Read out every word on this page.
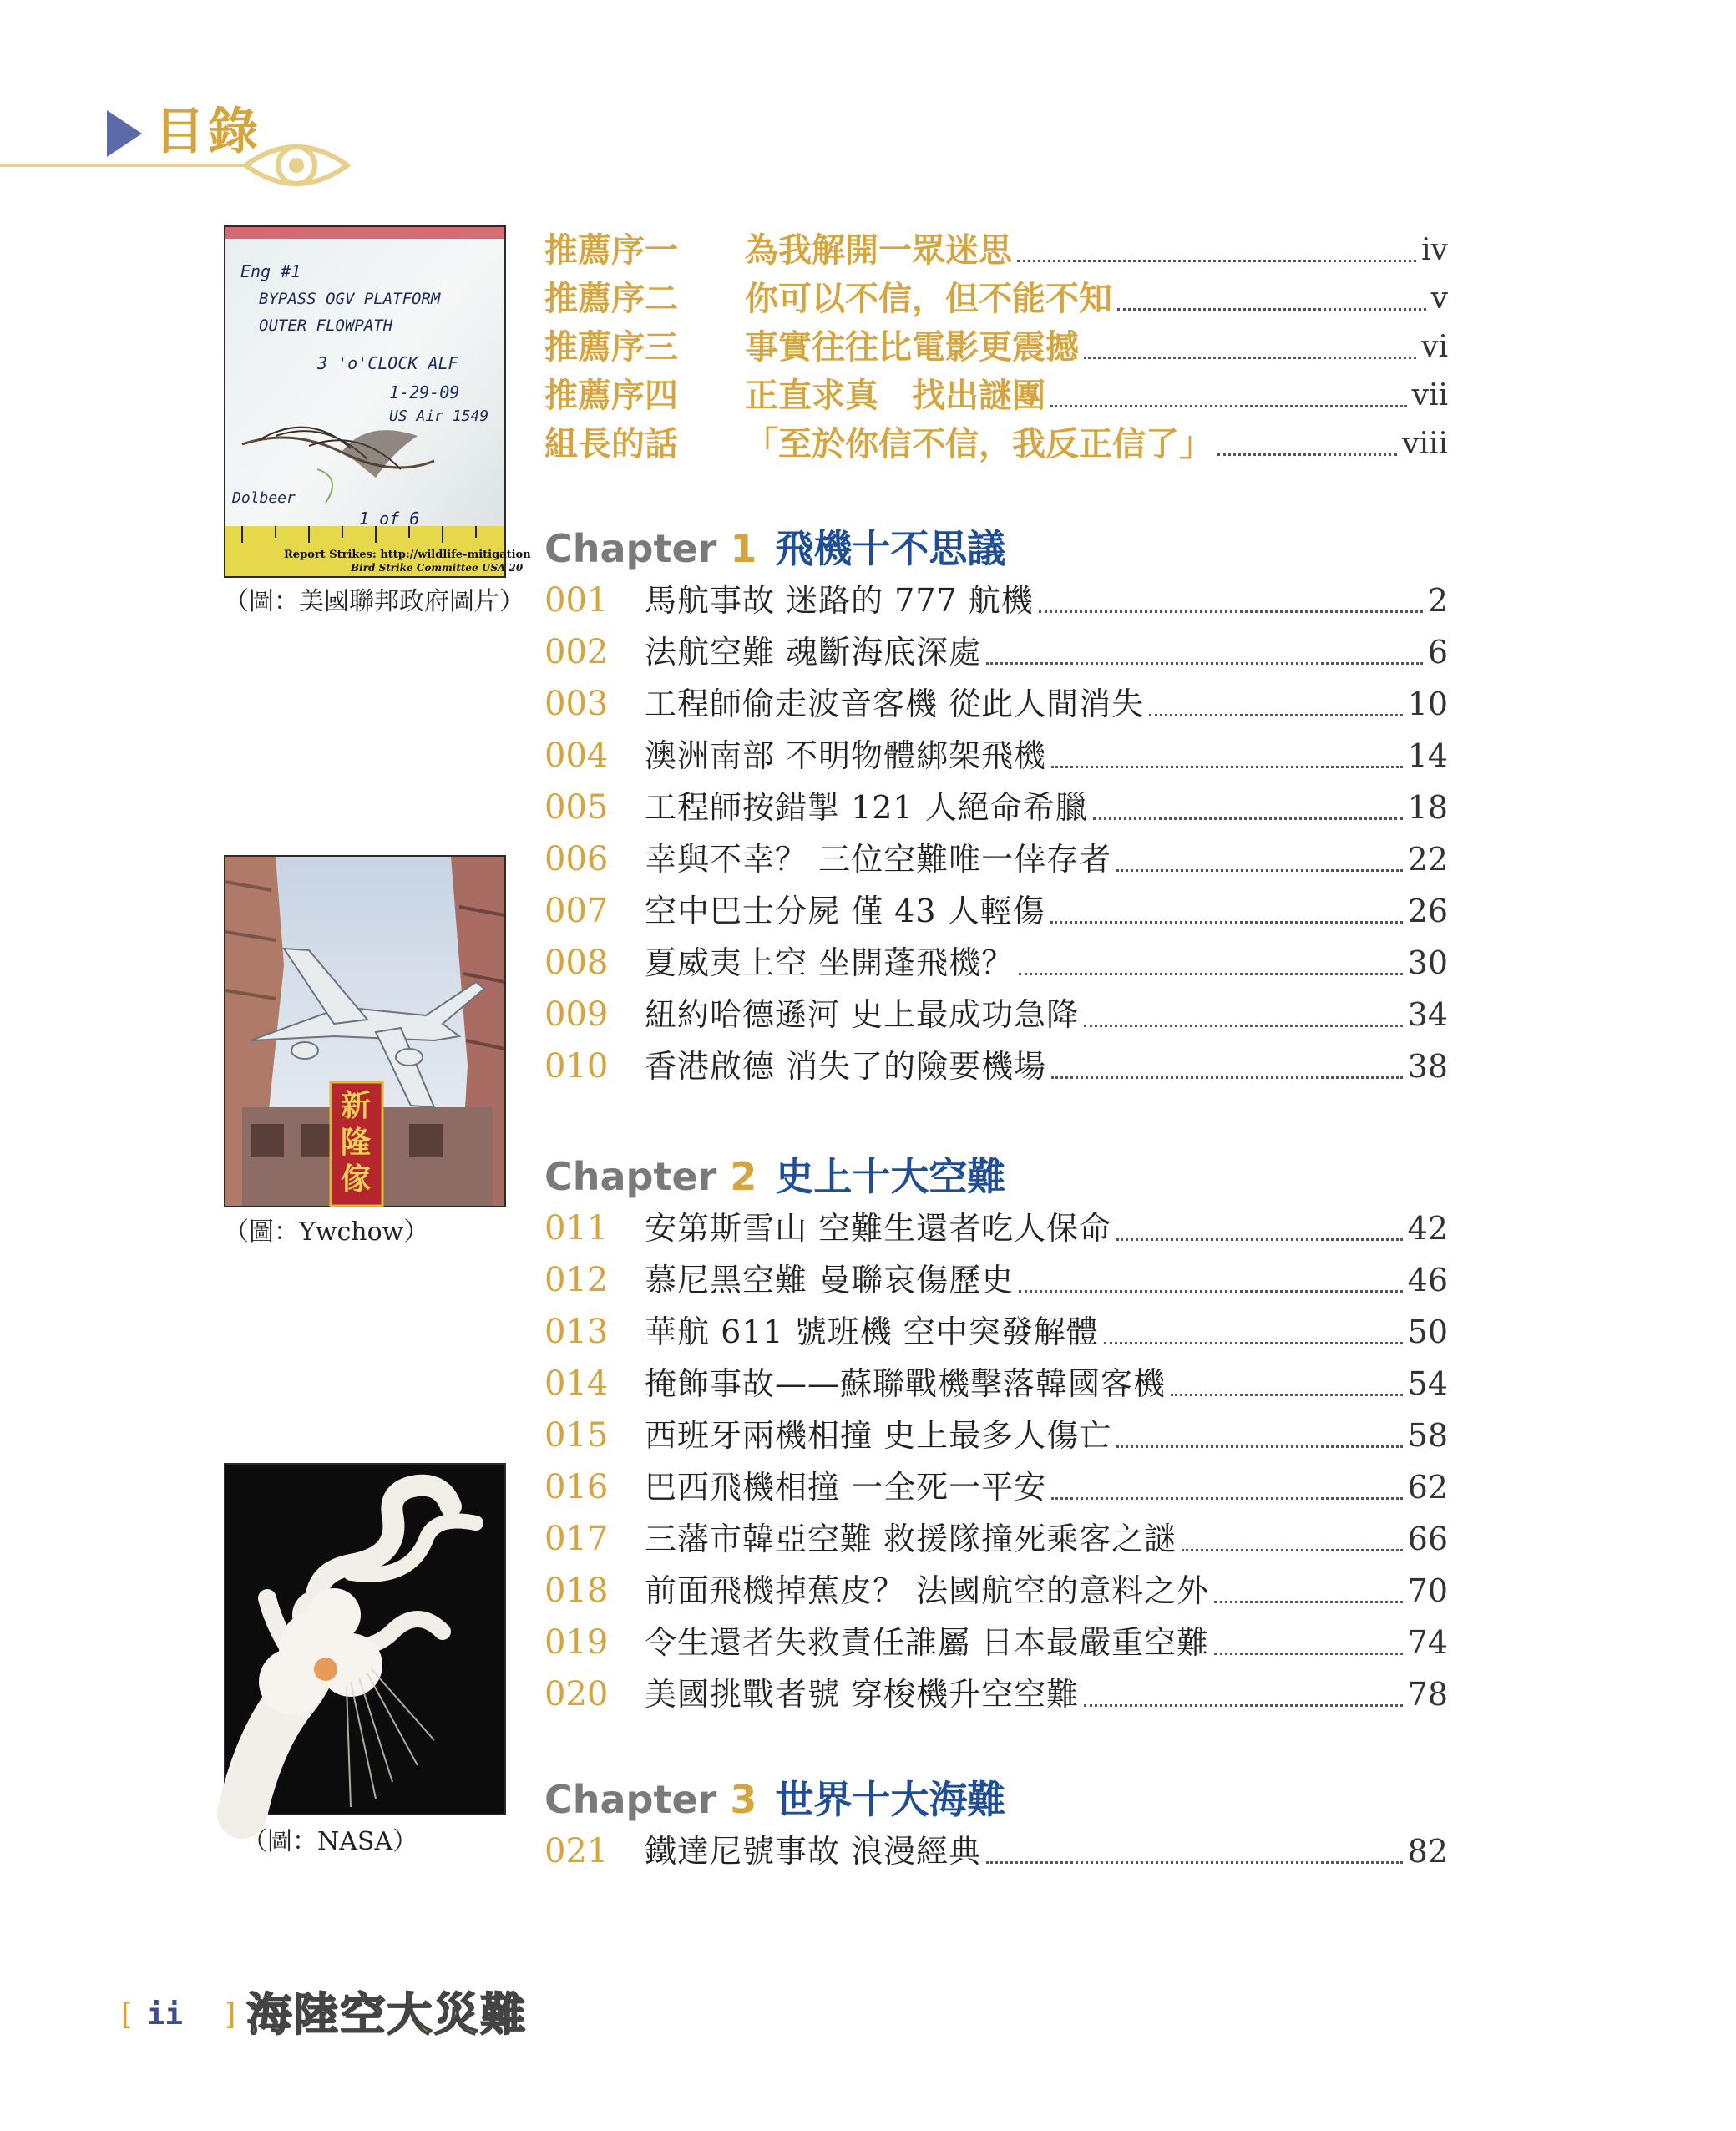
目錄
Eng #1
BYPASS OGV PLATFORM
OUTER FLOWPATH
3 'o'CLOCK ALF
1-29-09
US Air 1549
Dolbeer
1 of 6
Report Strikes: http://wildlife-mitigation
Bird Strike Committee USA 20
（圖：美國聯邦政府圖片）
新
隆
傢
（圖：Ywchow）
（圖：NASA）
推薦序一	為我解開一眾迷思	iv
推薦序二	你可以不信，但不能不知	v
推薦序三	事實往往比電影更震撼	vi
推薦序四	正直求真　找出謎團	vii
組長的話	「至於你信不信，我反正信了」	viii
Chapter 1 飛機十不思議
001	馬航事故 迷路的 777 航機	2
002	法航空難 魂斷海底深處	6
003	工程師偷走波音客機 從此人間消失	10
004	澳洲南部 不明物體綁架飛機	14
005	工程師按錯掣 121 人絕命希臘	18
006	幸與不幸？ 三位空難唯一倖存者	22
007	空中巴士分屍 僅 43 人輕傷	26
008	夏威夷上空 坐開蓬飛機？	30
009	紐約哈德遜河 史上最成功急降	34
010	香港啟德 消失了的險要機場	38
Chapter 2 史上十大空難
011	安第斯雪山 空難生還者吃人保命	42
012	慕尼黑空難 曼聯哀傷歷史	46
013	華航 611 號班機 空中突發解體	50
014	掩飾事故——蘇聯戰機擊落韓國客機	54
015	西班牙兩機相撞 史上最多人傷亡	58
016	巴西飛機相撞 一全死一平安	62
017	三藩市韓亞空難 救援隊撞死乘客之謎	66
018	前面飛機掉蕉皮？ 法國航空的意料之外	70
019	令生還者失救責任誰屬 日本最嚴重空難	74
020	美國挑戰者號 穿梭機升空空難	78
Chapter 3 世界十大海難
021	鐵達尼號事故 浪漫經典	82
[ ii	] 海陸空大災難
